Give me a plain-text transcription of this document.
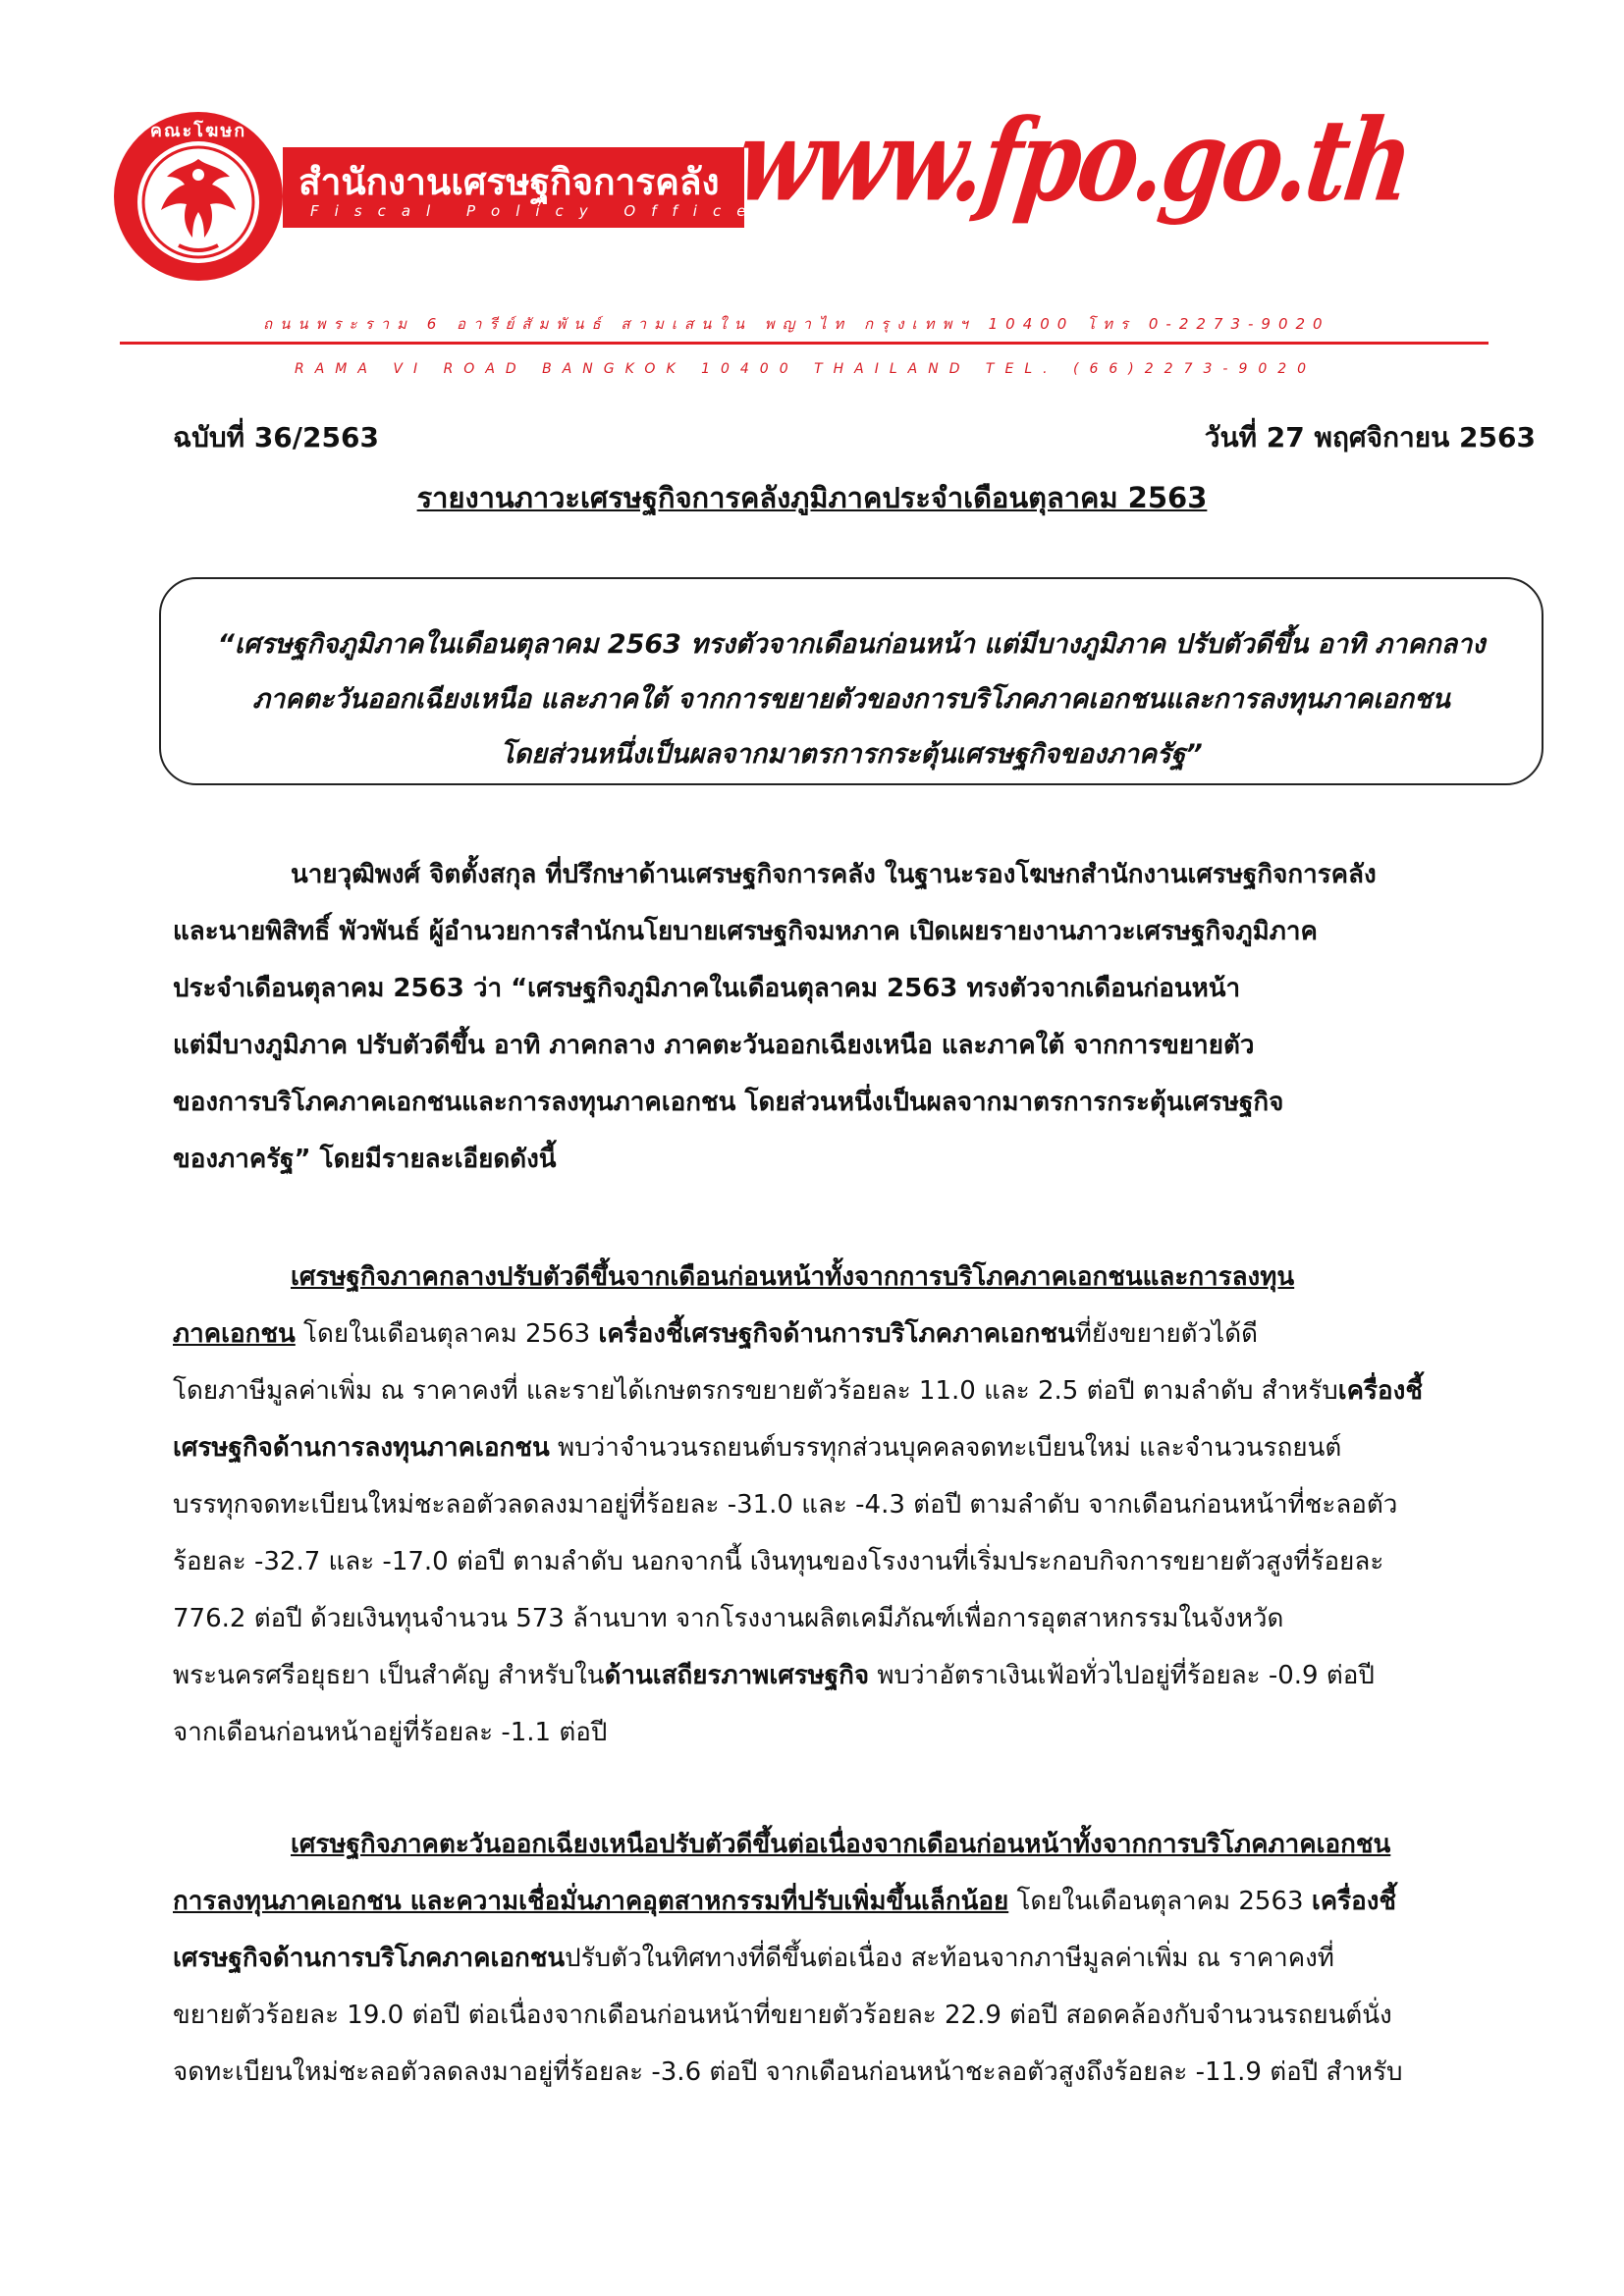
คณะโฆษก
สำนักงานเศรษฐกิจการคลัง
Fiscal Policy Office
www.fpo.go.th
ถนนพระราม 6 อารีย์สัมพันธ์ สามเสนใน พญาไท กรุงเทพฯ 10400 โทร 0-2273-9020
RAMA VI ROAD BANGKOK 10400 THAILAND TEL. (66)2273-9020
ฉบับที่ 36/2563	วันที่ 27 พฤศจิกายน 2563
รายงานภาวะเศรษฐกิจการคลังภูมิภาคประจำเดือนตุลาคม 2563
“เศรษฐกิจภูมิภาคในเดือนตุลาคม 2563 ทรงตัวจากเดือนก่อนหน้า แต่มีบางภูมิภาค ปรับตัวดีขึ้น อาทิ ภาคกลาง
ภาคตะวันออกเฉียงเหนือ และภาคใต้ จากการขยายตัวของการบริโภคภาคเอกชนและการลงทุนภาคเอกชน
โดยส่วนหนึ่งเป็นผลจากมาตรการกระตุ้นเศรษฐกิจของภาครัฐ”
นายวุฒิพงศ์ จิตตั้งสกุล ที่ปรึกษาด้านเศรษฐกิจการคลัง ในฐานะรองโฆษกสำนักงานเศรษฐกิจการคลัง
และนายพิสิทธิ์ พัวพันธ์ ผู้อำนวยการสำนักนโยบายเศรษฐกิจมหภาค เปิดเผยรายงานภาวะเศรษฐกิจภูมิภาค
ประจำเดือนตุลาคม 2563 ว่า “เศรษฐกิจภูมิภาคในเดือนตุลาคม 2563 ทรงตัวจากเดือนก่อนหน้า
แต่มีบางภูมิภาค ปรับตัวดีขึ้น อาทิ ภาคกลาง ภาคตะวันออกเฉียงเหนือ และภาคใต้ จากการขยายตัว
ของการบริโภคภาคเอกชนและการลงทุนภาคเอกชน โดยส่วนหนึ่งเป็นผลจากมาตรการกระตุ้นเศรษฐกิจ
ของภาครัฐ” โดยมีรายละเอียดดังนี้
เศรษฐกิจภาคกลางปรับตัวดีขึ้นจากเดือนก่อนหน้าทั้งจากการบริโภคภาคเอกชนและการลงทุน
ภาคเอกชน โดยในเดือนตุลาคม 2563 เครื่องชี้เศรษฐกิจด้านการบริโภคภาคเอกชนที่ยังขยายตัวได้ดี
โดยภาษีมูลค่าเพิ่ม ณ ราคาคงที่ และรายได้เกษตรกรขยายตัวร้อยละ 11.0 และ 2.5 ต่อปี ตามลำดับ สำหรับเครื่องชี้
เศรษฐกิจด้านการลงทุนภาคเอกชน พบว่าจำนวนรถยนต์บรรทุกส่วนบุคคลจดทะเบียนใหม่ และจำนวนรถยนต์
บรรทุกจดทะเบียนใหม่ชะลอตัวลดลงมาอยู่ที่ร้อยละ -31.0 และ -4.3 ต่อปี ตามลำดับ จากเดือนก่อนหน้าที่ชะลอตัว
ร้อยละ -32.7 และ -17.0 ต่อปี ตามลำดับ นอกจากนี้ เงินทุนของโรงงานที่เริ่มประกอบกิจการขยายตัวสูงที่ร้อยละ
776.2 ต่อปี ด้วยเงินทุนจำนวน 573 ล้านบาท จากโรงงานผลิตเคมีภัณฑ์เพื่อการอุตสาหกรรมในจังหวัด
พระนครศรีอยุธยา เป็นสำคัญ สำหรับในด้านเสถียรภาพเศรษฐกิจ พบว่าอัตราเงินเฟ้อทั่วไปอยู่ที่ร้อยละ -0.9 ต่อปี
จากเดือนก่อนหน้าอยู่ที่ร้อยละ -1.1 ต่อปี
เศรษฐกิจภาคตะวันออกเฉียงเหนือปรับตัวดีขึ้นต่อเนื่องจากเดือนก่อนหน้าทั้งจากการบริโภคภาคเอกชน
การลงทุนภาคเอกชน และความเชื่อมั่นภาคอุตสาหกรรมที่ปรับเพิ่มขึ้นเล็กน้อย โดยในเดือนตุลาคม 2563 เครื่องชี้
เศรษฐกิจด้านการบริโภคภาคเอกชนปรับตัวในทิศทางที่ดีขึ้นต่อเนื่อง สะท้อนจากภาษีมูลค่าเพิ่ม ณ ราคาคงที่
ขยายตัวร้อยละ 19.0 ต่อปี ต่อเนื่องจากเดือนก่อนหน้าที่ขยายตัวร้อยละ 22.9 ต่อปี สอดคล้องกับจำนวนรถยนต์นั่ง
จดทะเบียนใหม่ชะลอตัวลดลงมาอยู่ที่ร้อยละ -3.6 ต่อปี จากเดือนก่อนหน้าชะลอตัวสูงถึงร้อยละ -11.9 ต่อปี สำหรับ
